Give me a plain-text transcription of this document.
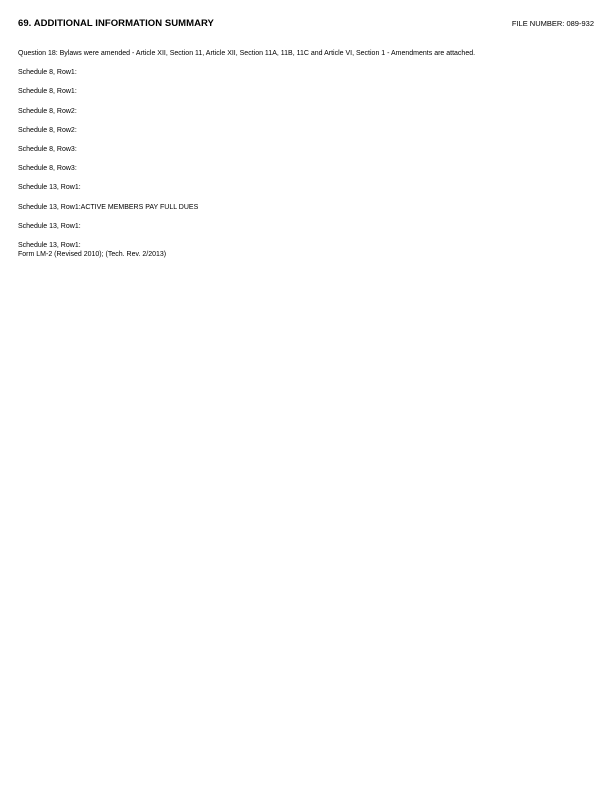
69. ADDITIONAL INFORMATION SUMMARY	FILE NUMBER: 089-932
Question 18: Bylaws were amended - Article XII, Section 11, Article XII, Section 11A, 11B, 11C and Article VI, Section 1 - Amendments are attached.
Schedule 8, Row1:
Schedule 8, Row1:
Schedule 8, Row2:
Schedule 8, Row2:
Schedule 8, Row3:
Schedule 8, Row3:
Schedule 13, Row1:
Schedule 13, Row1:ACTIVE MEMBERS PAY FULL DUES
Schedule 13, Row1:
Schedule 13, Row1:
Form LM-2 (Revised 2010); (Tech. Rev. 2/2013)
